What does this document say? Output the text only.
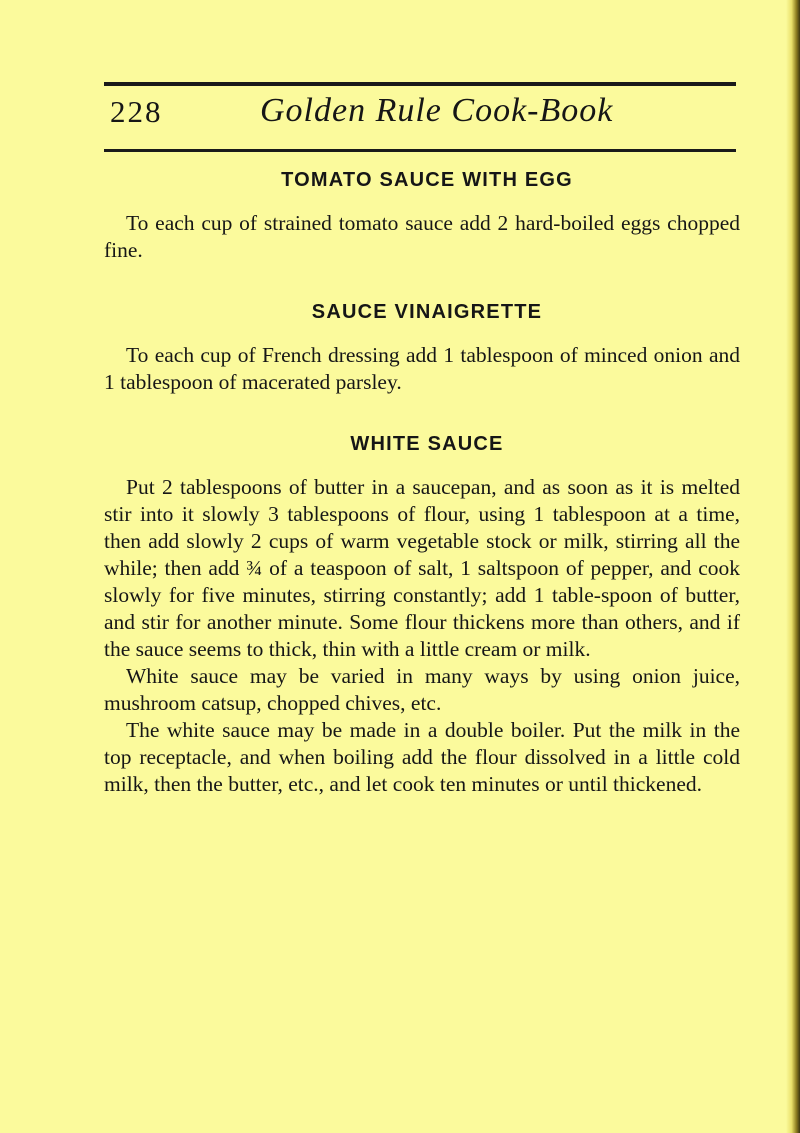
228	Golden Rule Cook-Book
TOMATO SAUCE WITH EGG

To each cup of strained tomato sauce add 2 hard-boiled eggs chopped fine.

SAUCE VINAIGRETTE

To each cup of French dressing add 1 tablespoon of minced onion and 1 tablespoon of macerated parsley.

WHITE SAUCE

Put 2 tablespoons of butter in a saucepan, and as soon as it is melted stir into it slowly 3 tablespoons of flour, using 1 tablespoon at a time, then add slowly 2 cups of warm vegetable stock or milk, stirring all the while; then add ¾ of a teaspoon of salt, 1 saltspoon of pepper, and cook slowly for five minutes, stirring constantly; add 1 table-spoon of butter, and stir for another minute. Some flour thickens more than others, and if the sauce seems to thick, thin with a little cream or milk.

White sauce may be varied in many ways by using onion juice, mushroom catsup, chopped chives, etc.

The white sauce may be made in a double boiler. Put the milk in the top receptacle, and when boiling add the flour dissolved in a little cold milk, then the butter, etc., and let cook ten minutes or until thickened.
